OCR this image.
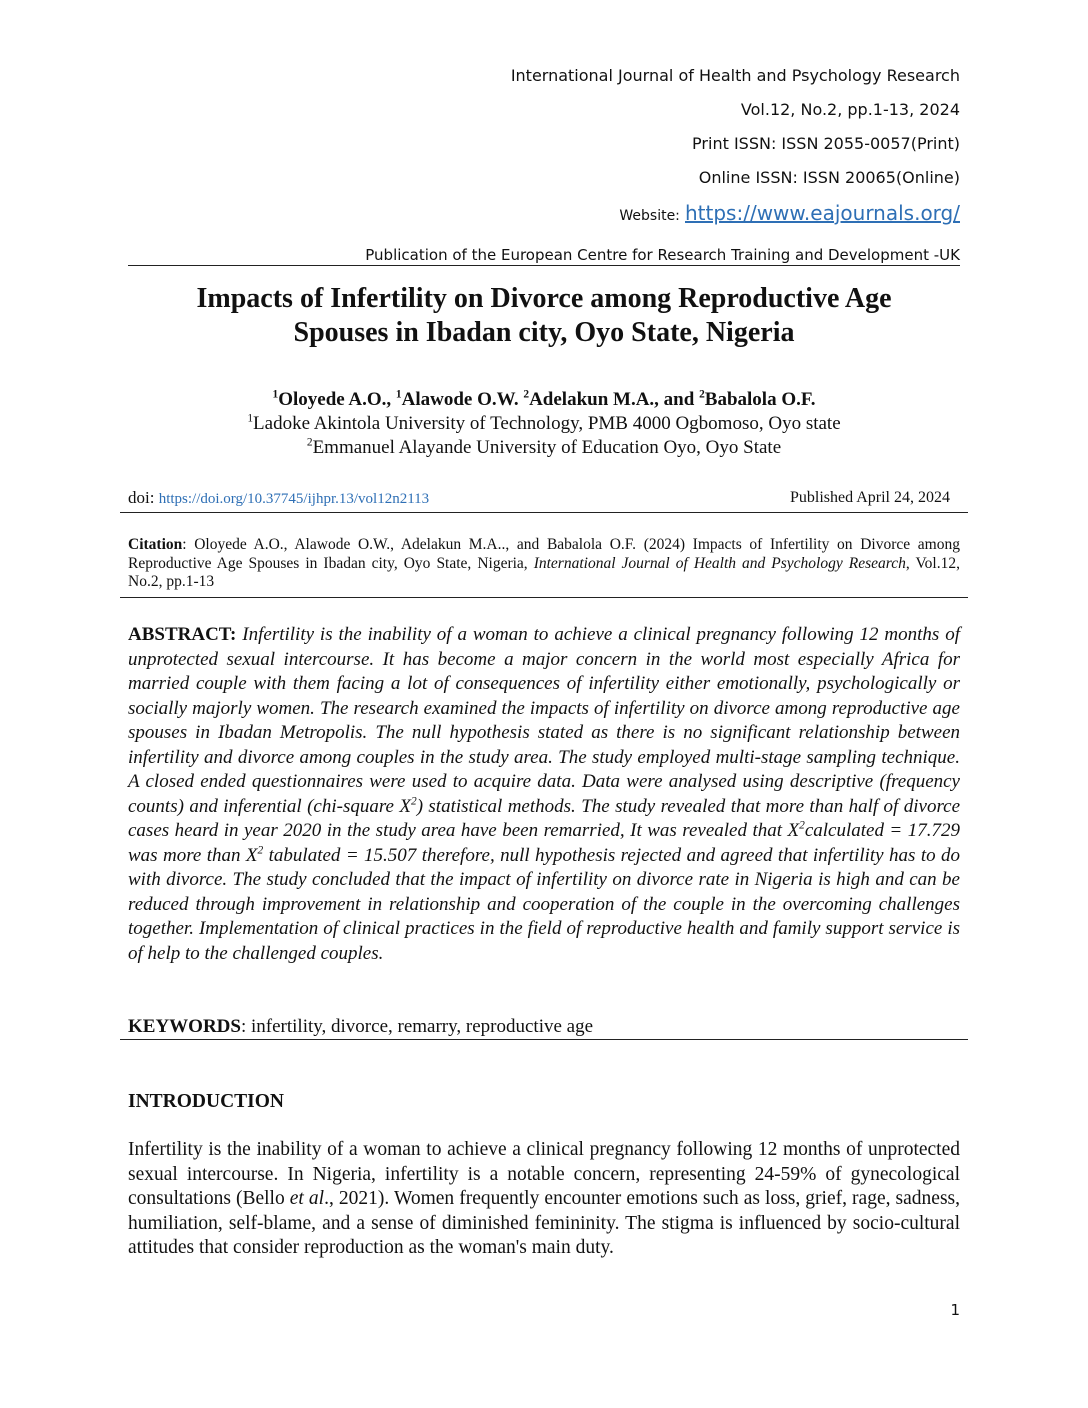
International Journal of Health and Psychology Research
Vol.12, No.2, pp.1-13, 2024
Print ISSN: ISSN 2055-0057(Print)
Online ISSN: ISSN 20065(Online)
Website: https://www.eajournals.org/
Publication of the European Centre for Research Training and Development -UK
Impacts of Infertility on Divorce among Reproductive Age
Spouses in Ibadan city, Oyo State, Nigeria
$^1$Oloyede A.O., $^1$Alawode O.W. $^2$Adelakun M.A., and $^2$Babalola O.F.
$^1$Ladoke Akintola University of Technology, PMB 4000 Ogbomoso, Oyo state
$^2$Emmanuel Alayande University of Education Oyo, Oyo State
doi: https://doi.org/10.37745/ijhpr.13/vol12n2113	Published April 24, 2024
Citation: Oloyede A.O., Alawode O.W., Adelakun M.A.., and Babalola O.F. (2024) Impacts of Infertility on Divorce among Reproductive Age Spouses in Ibadan city, Oyo State, Nigeria, International Journal of Health and Psychology Research, Vol.12, No.2, pp.1-13
ABSTRACT: Infertility is the inability of a woman to achieve a clinical pregnancy following 12 months of unprotected sexual intercourse. It has become a major concern in the world most especially Africa for married couple with them facing a lot of consequences of infertility either emotionally, psychologically or socially majorly women. The research examined the impacts of infertility on divorce among reproductive age spouses in Ibadan Metropolis. The null hypothesis stated as there is no significant relationship between infertility and divorce among couples in the study area. The study employed multi-stage sampling technique. A closed ended questionnaires were used to acquire data. Data were analysed using descriptive (frequency counts) and inferential (chi-square $X^2$) statistical methods. The study revealed that more than half of divorce cases heard in year 2020 in the study area have been remarried, It was revealed that $X^2calculated = 17.729$ was more than $X^2$ tabulated = 15.507 therefore, null hypothesis rejected and agreed that infertility has to do with divorce. The study concluded that the impact of infertility on divorce rate in Nigeria is high and can be reduced through improvement in relationship and cooperation of the couple in the overcoming challenges together. Implementation of clinical practices in the field of reproductive health and family support service is of help to the challenged couples.
KEYWORDS: infertility, divorce, remarry, reproductive age
INTRODUCTION
Infertility is the inability of a woman to achieve a clinical pregnancy following 12 months of unprotected sexual intercourse. In Nigeria, infertility is a notable concern, representing 24-59% of gynecological consultations (Bello et al., 2021). Women frequently encounter emotions such as loss, grief, rage, sadness, humiliation, self-blame, and a sense of diminished femininity. The stigma is influenced by socio-cultural attitudes that consider reproduction as the woman's main duty.
1
